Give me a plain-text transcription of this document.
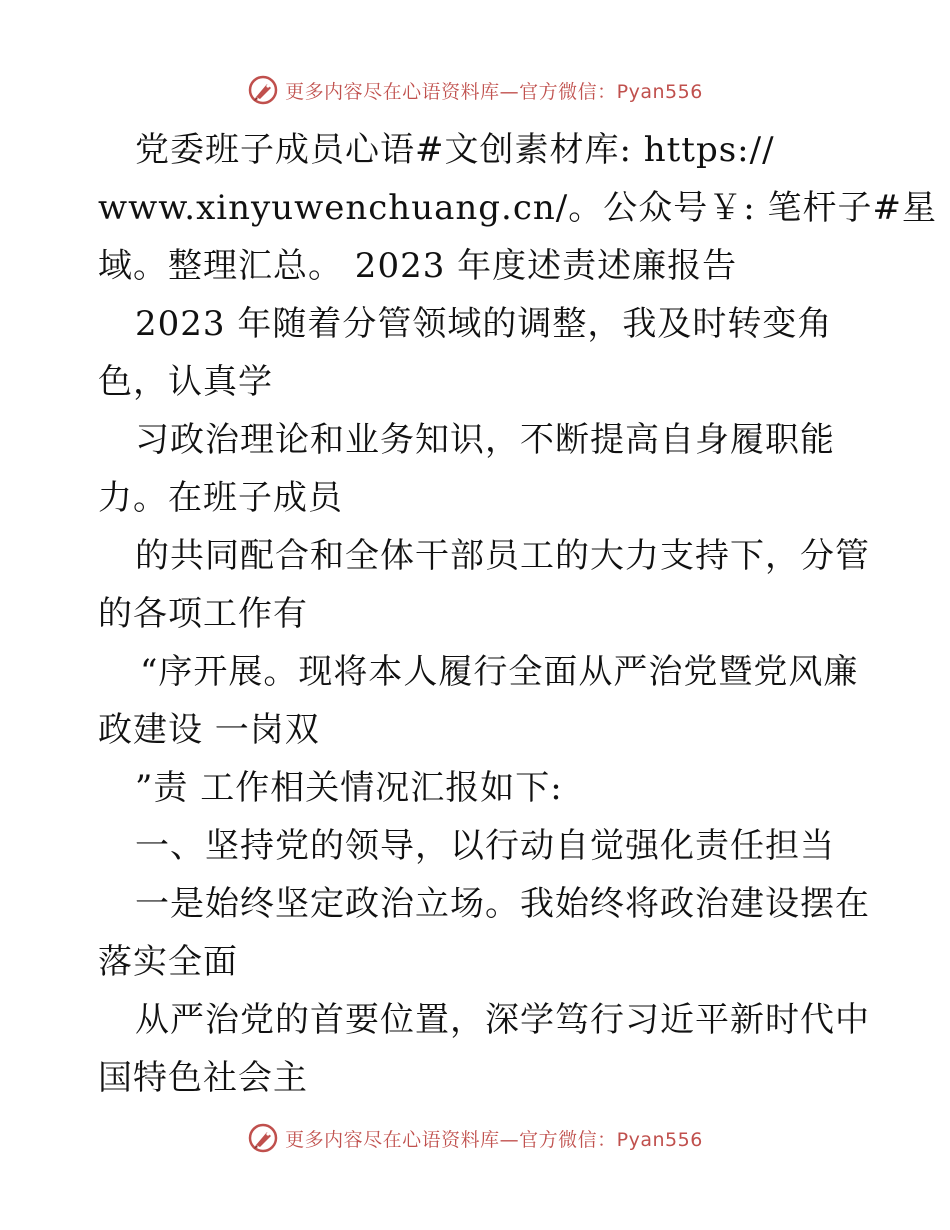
更多内容尽在心语资料库—官方微信：Pyan556
党委班子成员心语#文创素材库: https://
www.xinyuwenchuang.cn/。公众号￥: 笔杆子#星
域。整理汇总。 2023 年度述责述廉报告
2023 年随着分管领域的调整，我及时转变角
色，认真学
习政治理论和业务知识，不断提高自身履职能
力。在班子成员
的共同配合和全体干部员工的大力支持下，分管
的各项工作有
“序开展。现将本人履行全面从严治党暨党风廉
政建设 一岗双
”责 工作相关情况汇报如下:
一、坚持党的领导，以行动自觉强化责任担当
一是始终坚定政治立场。我始终将政治建设摆在
落实全面
从严治党的首要位置，深学笃行习近平新时代中
国特色社会主
更多内容尽在心语资料库—官方微信：Pyan556
